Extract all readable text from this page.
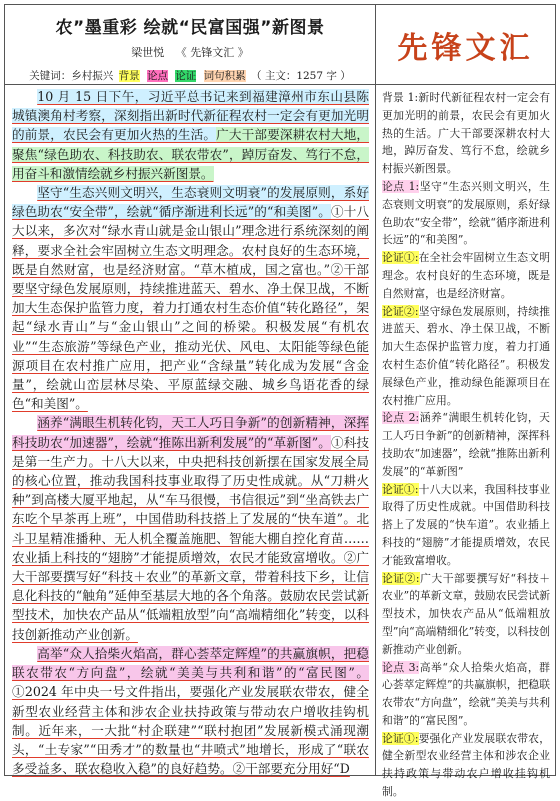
农”墨重彩 绘就“民富国强”新图景
梁世悦 《 先锋文汇 》
关键词：乡村振兴 背景 论点 论证 词句积累 （ 主文：1257 字 ）
先锋文汇

10 月 15 日下午，习近平总书记来到福建漳州市东山县陈城镇澳角村考察，深刻指出新时代新征程农村一定会有更加光明的前景，农民会有更加火热的生活。广大干部要深耕农村大地，聚焦“绿色助农、科技助农、联农带农”，踔厉奋发、笃行不怠，用奋斗和激情绘就乡村振兴新图景。

坚守“生态兴则文明兴，生态衰则文明衰”的发展原则，系好绿色助农“安全带”，绘就“循序渐进利长远”的“和美图”。①十八大以来，多次对“绿水青山就是金山银山”理念进行系统深刻的阐释，要求全社会牢固树立生态文明理念。农村良好的生态环境，既是自然财富，也是经济财富。“草木植成，国之富也。”②干部要坚守绿色发展原则，持续推进蓝天、碧水、净土保卫战，不断加大生态保护监管力度，着力打通农村生态价值“转化路径”，架起“绿水青山”与“金山银山”之间的桥梁。积极发展“有机农业”“生态旅游”等绿色产业，推动光伏、风电、太阳能等绿色能源项目在农村推广应用，把产业“含绿量”转化成为发展“含金量”，绘就山峦层林尽染、平原蓝绿交融、城乡鸟语花香的绿色“和美图”。

涵养“满眼生机转化钧，天工人巧日争新”的创新精神，深挥科技助农“加速器”，绘就“推陈出新利发展”的“革新图”。①科技是第一生产力。十八大以来，中央把科技创新摆在国家发展全局的核心位置，推动我国科技事业取得了历史性成就。从“刀耕火种”到高楼大厦平地起，从“车马很慢，书信很远”到“坐高铁去广东吃个早茶再上班”，中国借助科技搭上了发展的“快车道”。北斗卫星精准播种、无人机全覆盖施肥、智能大棚自控化育苗……农业插上科技的“翅膀”才能提质增效，农民才能致富增收。②广大干部要撰写好“科技＋农业”的革新文章，带着科技下乡，让信息化科技的“触角”延伸至基层大地的各个角落。鼓励农民尝试新型技术，加快农产品从“低端粗放型”向“高端精细化”转变，以科技创新推动产业创新。

高举“众人拾柴火焰高，群心荟萃定辉煌”的共赢旗帜，把稳联农带农“方向盘”，绘就“美美与共利和谐”的“富民图”。①2024 年中央一号文件指出，要强化产业发展联农带农，健全新型农业经营主体和涉农企业扶持政策与带动农户增收挂钩机制。近年来，一大批“村企联建”“联村抱团”发展新模式涌现潮头，“土专家”“田秀才”的数量也“井喷式”地增长，形成了“联农多受益多、联农稳收入稳”的良好趋势。②干部要充分用好“D

背景 1:新时代新征程农村一定会有更加光明的前景，农民会有更加火热的生活。广大干部要深耕农村大地，踔厉奋发、笃行不怠，绘就乡村振兴新图景。

论点 1:坚守“生态兴则文明兴，生态衰则文明衰”的发展原则，系好绿色助农“安全带”，绘就“循序渐进利长远”的“和美图”。

论证①:在全社会牢固树立生态文明理念。农村良好的生态环境，既是自然财富，也是经济财富。

论证②:坚守绿色发展原则，持续推进蓝天、碧水、净土保卫战，不断加大生态保护监管力度，着力打通农村生态价值“转化路径”。积极发展绿色产业，推动绿色能源项目在农村推广应用。

论点 2:涵养“满眼生机转化钧，天工人巧日争新”的创新精神，深挥科技助农“加速器”，绘就“推陈出新利发展”的“革新图”

论证①:十八大以来，我国科技事业取得了历史性成就。中国借助科技搭上了发展的“快车道”。农业插上科技的“翅膀”才能提质增效，农民才能致富增收。

论证②:广大干部要撰写好“科技＋农业”的革新文章，鼓励农民尝试新型技术，加快农产品从“低端粗放型”向“高端精细化”转变，以科技创新推动产业创新。

论点 3:高举“众人拾柴火焰高，群心荟萃定辉煌”的共赢旗帜，把稳联农带农“方向盘”，绘就“美美与共利和谐”的“富民图”。

论证①:要强化产业发展联农带农，健全新型农业经营主体和涉农企业扶持政策与带动农户增收挂钩机制。
